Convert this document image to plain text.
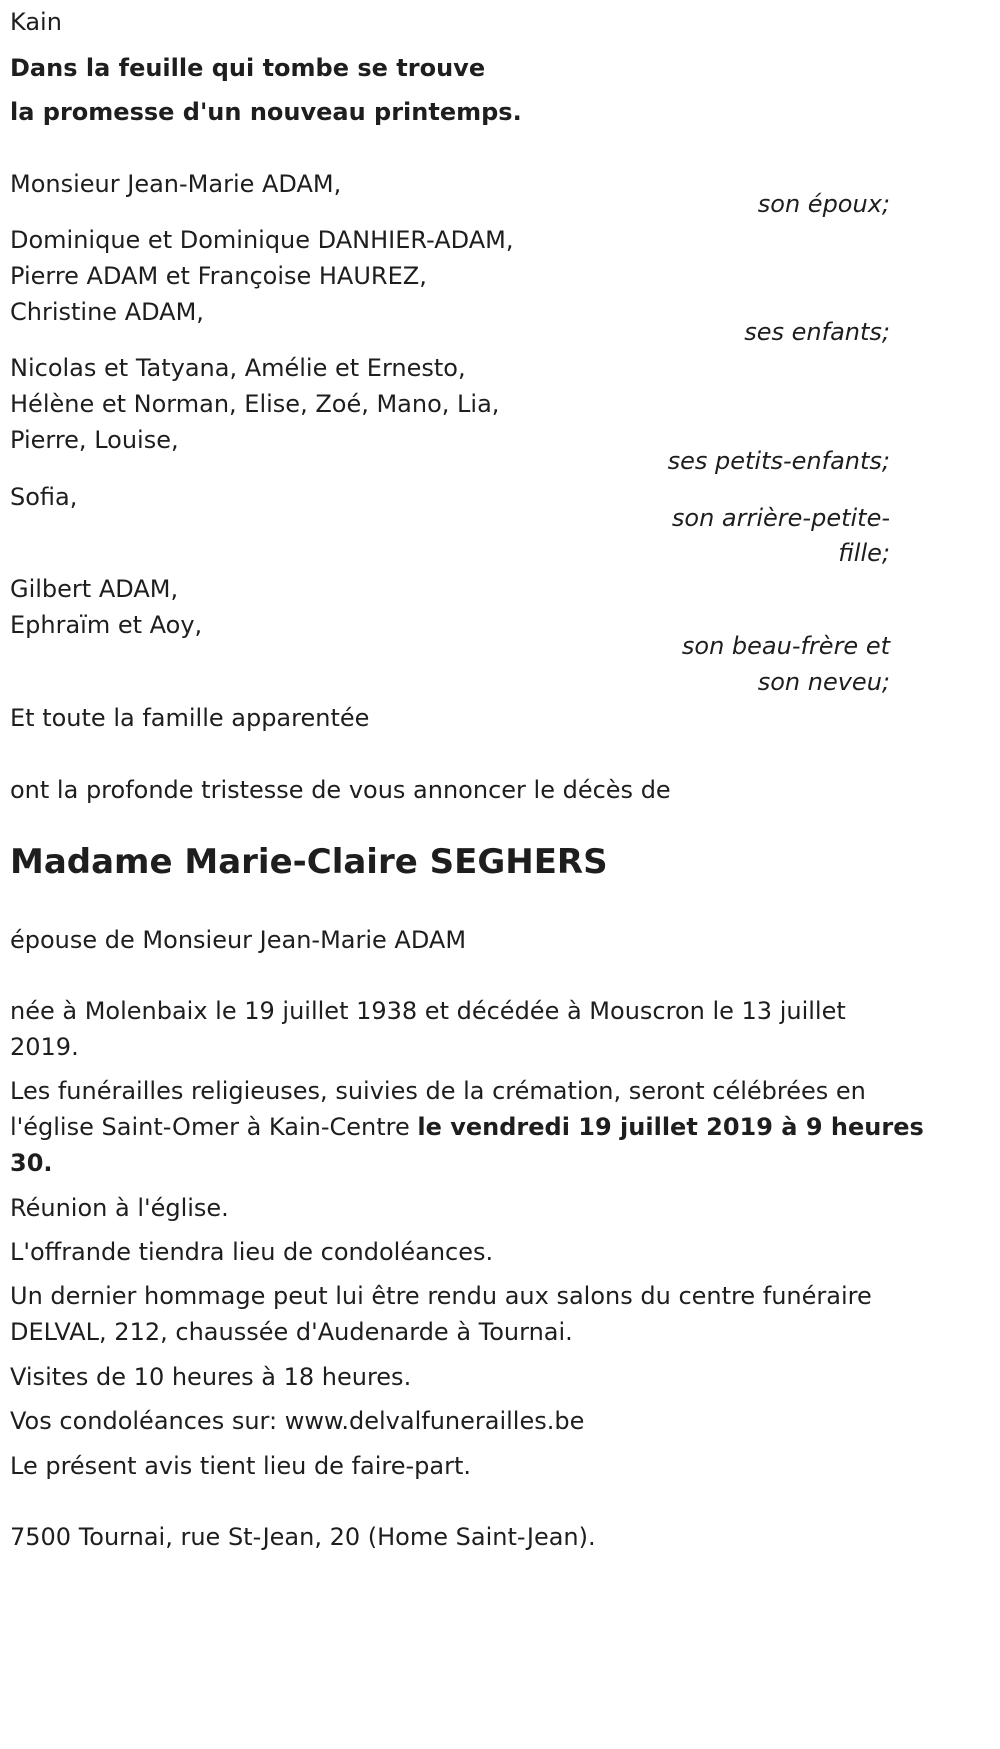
Kain

Dans la feuille qui tombe se trouve

la promesse d'un nouveau printemps.

Monsieur Jean-Marie ADAM,

son époux;

Dominique et Dominique DANHIER-ADAM,

Pierre ADAM et Françoise HAUREZ,

Christine ADAM,

ses enfants;

Nicolas et Tatyana, Amélie et Ernesto,

Hélène et Norman, Elise, Zoé, Mano, Lia,

Pierre, Louise,

ses petits-enfants;

Sofia,

son arrière-petite-

fille;

Gilbert ADAM,

Ephraïm et Aoy,

son beau-frère et

son neveu;

Et toute la famille apparentée

ont la profonde tristesse de vous annoncer le décès de

Madame Marie-Claire SEGHERS

épouse de Monsieur Jean-Marie ADAM

née à Molenbaix le 19 juillet 1938 et décédée à Mouscron le 13 juillet

2019.

Les funérailles religieuses, suivies de la crémation, seront célébrées en

l'église Saint-Omer à Kain-Centre le vendredi 19 juillet 2019 à 9 heures

30.

Réunion à l'église.

L'offrande tiendra lieu de condoléances.

Un dernier hommage peut lui être rendu aux salons du centre funéraire

DELVAL, 212, chaussée d'Audenarde à Tournai.

Visites de 10 heures à 18 heures.

Vos condoléances sur: www.delvalfunerailles.be

Le présent avis tient lieu de faire-part.

7500 Tournai, rue St-Jean, 20 (Home Saint-Jean).
